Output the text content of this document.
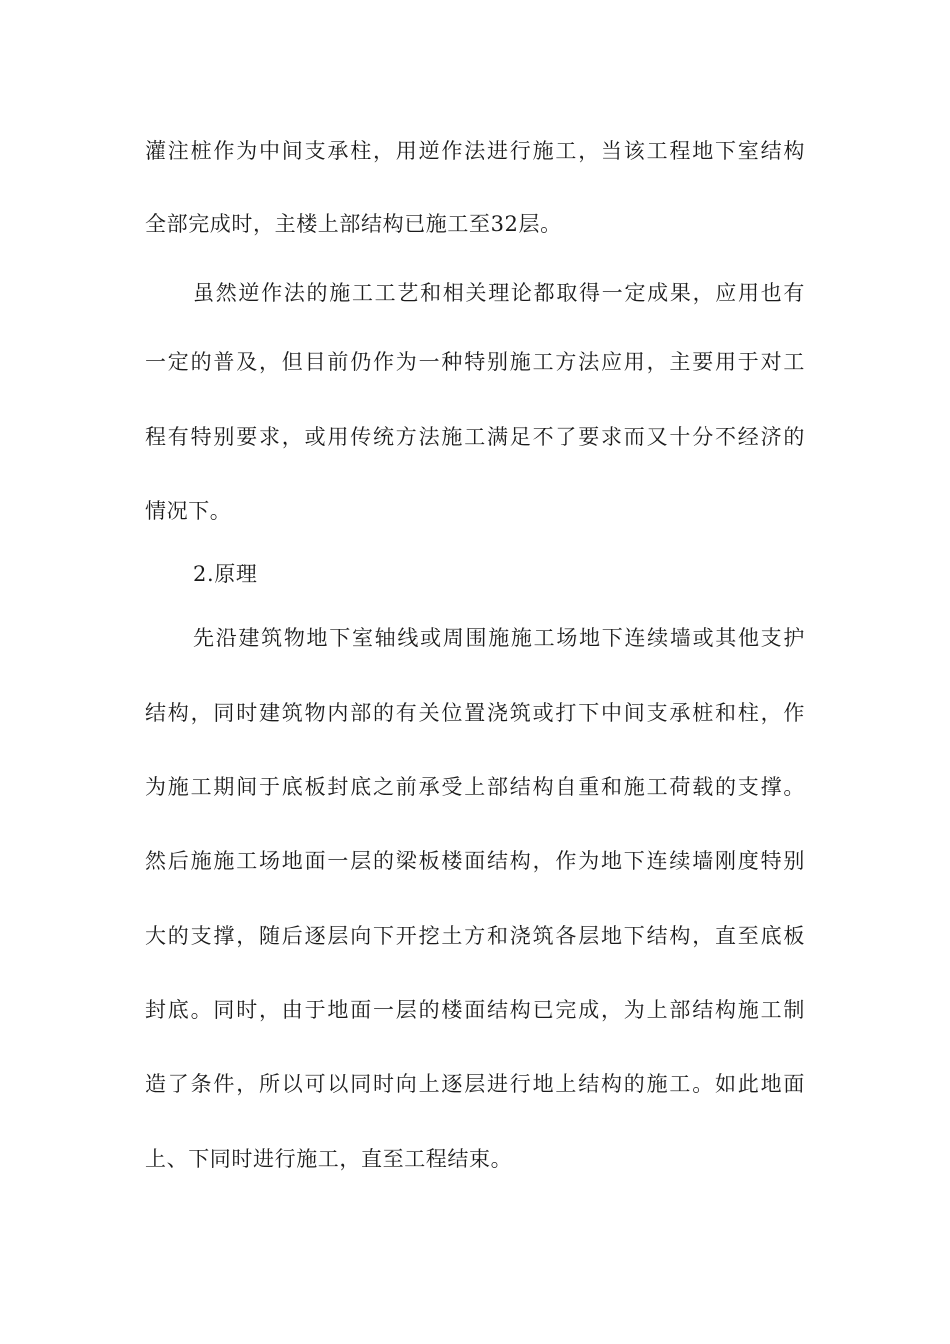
灌注桩作为中间支承柱，用逆作法进行施工，当该工程地下室结构
全部完成时，主楼上部结构已施工至32层。
虽然逆作法的施工工艺和相关理论都取得一定成果，应用也有
一定的普及，但目前仍作为一种特别施工方法应用，主要用于对工
程有特别要求，或用传统方法施工满足不了要求而又十分不经济的
情况下。
2.原理
先沿建筑物地下室轴线或周围施施工场地下连续墙或其他支护
结构，同时建筑物内部的有关位置浇筑或打下中间支承桩和柱，作
为施工期间于底板封底之前承受上部结构自重和施工荷载的支撑。
然后施施工场地面一层的梁板楼面结构，作为地下连续墙刚度特别
大的支撑，随后逐层向下开挖土方和浇筑各层地下结构，直至底板
封底。同时，由于地面一层的楼面结构已完成，为上部结构施工制
造了条件，所以可以同时向上逐层进行地上结构的施工。如此地面
上、下同时进行施工，直至工程结束。
